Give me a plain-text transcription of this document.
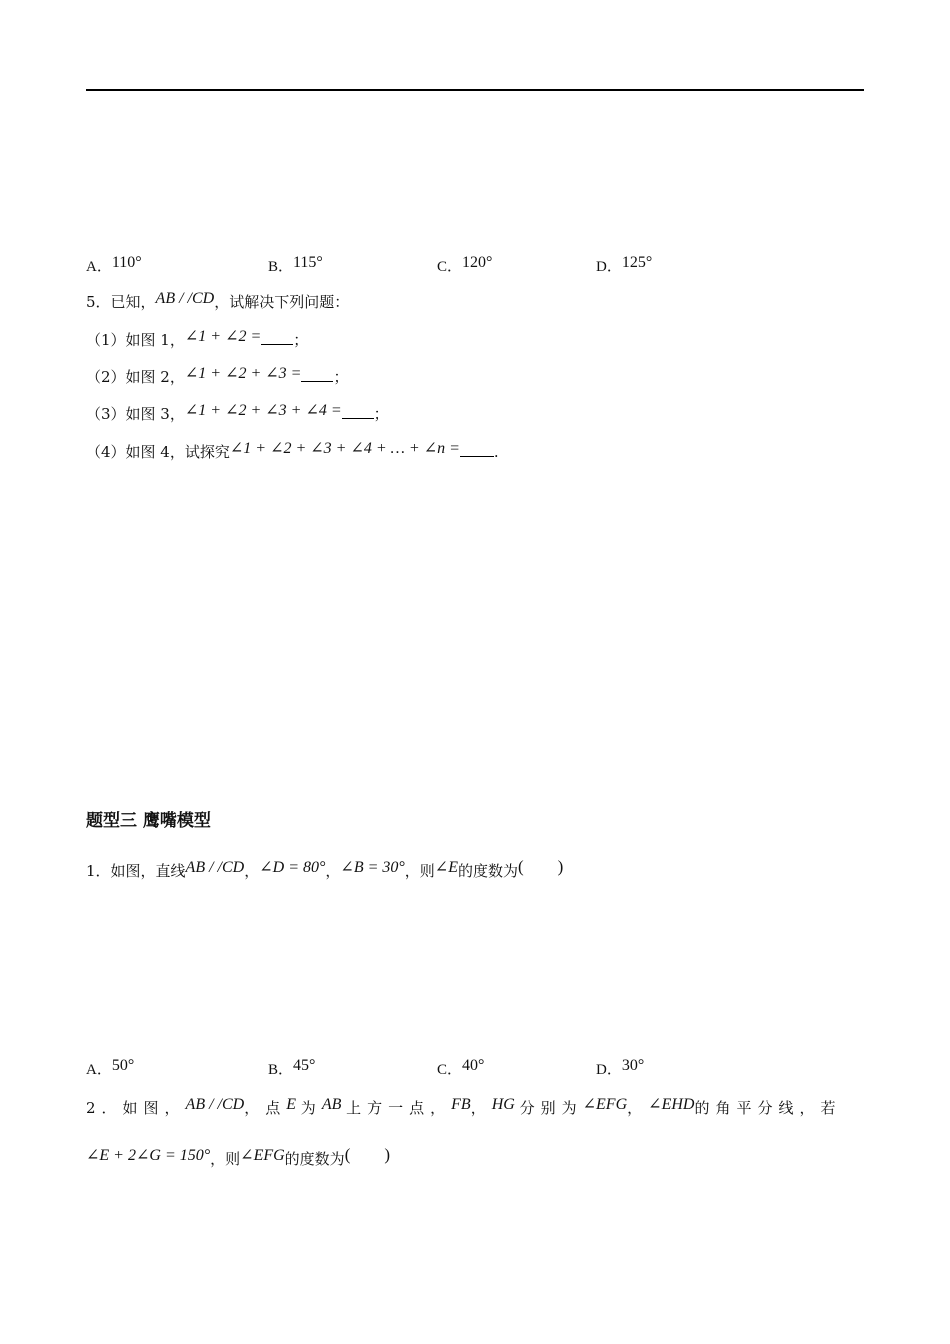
A．110°	B．115°	C．120°	D．125°
5．已知，AB / /CD，试解决下列问题：
（1）如图 1，∠1 + ∠2 = ；
（2）如图 2，∠1 + ∠2 + ∠3 = ；
（3）如图 3，∠1 + ∠2 + ∠3 + ∠4 = ；
（4）如图 4，试探究∠1 + ∠2 + ∠3 + ∠4 + … + ∠n = .
题型三 鹰嘴模型
1．如图，直线AB / /CD，∠D = 80°，∠B = 30°，则∠E的度数为(        )
A．50°	B．45°	C．40°	D．30°
2．如图，AB / /CD，点E 为AB 上方一点，FB，HG 分别为∠EFG，∠EHD的角平分线，若
∠E + 2∠G = 150°，则∠EFG的度数为(        )
